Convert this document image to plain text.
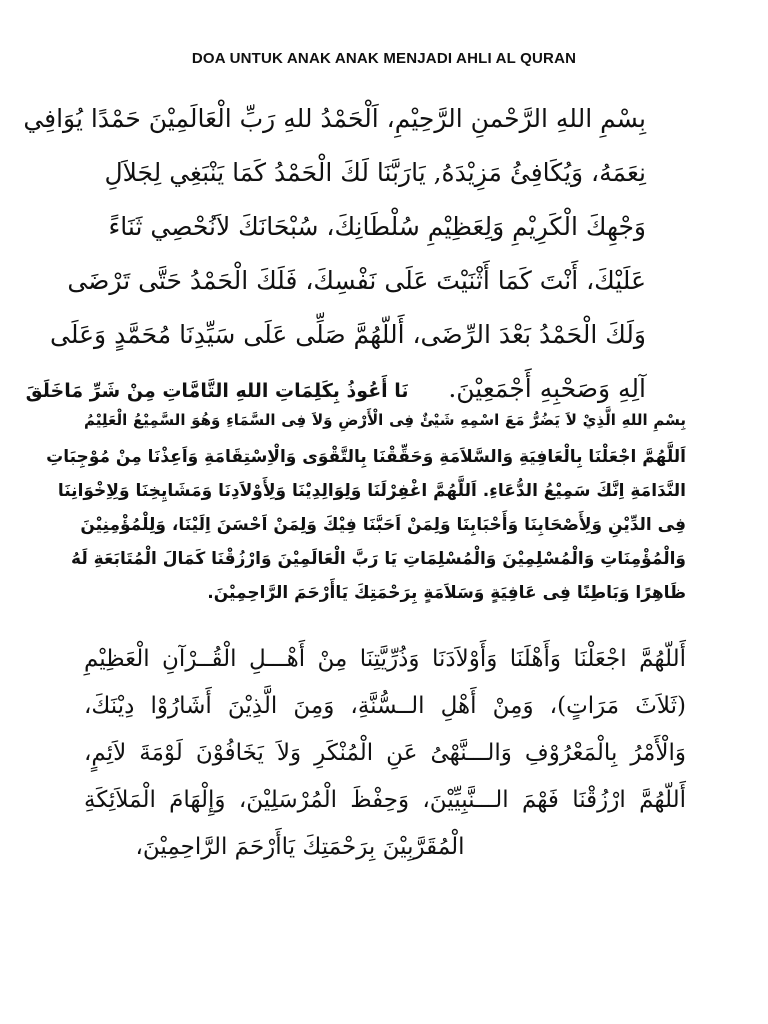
DOA UNTUK ANAK ANAK MENJADI AHLI AL QURAN

بِسْمِ اللهِ الرَّحْمنِ الرَّحِيْمِ، اَلْحَمْدُ للهِ رَبِّ الْعَالَمِيْنَ حَمْدًا يُوَافِي

نِعَمَهُ، وَيُكَافِئُ مَزِيْدَهُ, يَارَبَّنَا لَكَ الْحَمْدُ كَمَا يَنْبَغِي لِجَلاَلِ

وَجْهِكَ الْكَرِيْمِ وَلِعَظِيْمِ سُلْطَانِكَ، سُبْحَانَكَ لاَنُحْصِي ثَنَاءً

عَلَيْكَ، أَنْتَ كَمَا أَثْنَيْتَ عَلَى نَفْسِكَ، فَلَكَ الْحَمْدُ حَتَّى تَرْضَى

وَلَكَ الْحَمْدُ بَعْدَ الرِّضَى، أَللّهُمَّ صَلِّى عَلَى سَيِّدِنَا مُحَمَّدٍ وَعَلَى

آلِهِ وَصَحْبِهِ أَجْمَعِيْنَ.     نَا أَعُوذُ بِكَلِمَاتِ اللهِ التَّامَّاتِ مِنْ شَرِّ مَاخَلَقَ

بِسْمِ اللهِ الَّذِيْ لاَ يَضُرُّ مَعَ اسْمِهِ شَيْئٌ فِى الْأَرْضِ وَلاَ فِى السَّمَاءِ وَهُوَ السَّمِيْعُ الْعَلِيْمُ

اَللَّهُمَّ اجْعَلْنَا بِالْعَافِيَةِ وَالسَّلاَمَةِ وَحَقِّقْنَا بِالتَّقْوَى وَالْاِسْتِقَامَةِ وَاَعِذْنَا مِنْ مُوْجِبَاتِ

النَّدَامَةِ اِنَّكَ سَمِيْعُ الدُّعَاءِ. اَللَّهُمَّ اغْفِرْلَنَا وَلِوَالِدِيْنَا وَلِأَوْلاَدِنَا وَمَشَايِخِنَا وَلِاِخْوَانِنَا

فِى الدِّيْنِ وَلِأَصْحَابِنَا وَأَحْبَابِنَا وَلِمَنْ اَحَبَّنَا فِيْكَ وَلِمَنْ اَحْسَنَ اِلَيْنَا، وَلِلْمُؤْمِنِيْنَ

وَالْمُؤْمِنَاتِ وَالْمُسْلِمِيْنَ وَالْمُسْلِمَاتِ يَا رَبَّ الْعَالَمِيْنَ وَارْزُقْنَا كَمَالَ الْمُتَابَعَةِ لَهُ

ظَاهِرًا وَبَاطِنًا فِى عَافِيَةٍ وَسَلاَمَةٍ بِرَحْمَتِكَ يَاأَرْحَمَ الرَّاحِمِيْنَ.

أَللّهُمَّ اجْعَلْنَا وَأَهْلَنَا وَأَوْلاَدَنَا وَذُرِّيَّتِنَا مِنْ أَهْـــلِ الْقُــرْآنِ الْعَظِيْمِ

(ثَلاَثَ مَرَاتٍ)، وَمِنْ أَهْلِ الــسُّنَّةِ، وَمِنَ الَّذِيْنَ أَشَارُوْا دِيْنَكَ،

وَالْأَمْرُ بِالْمَعْرُوْفِ وَالـــنَّهْىُ عَنِ الْمُنْكَرِ وَلاَ يَخَافُوْنَ لَوْمَةَ لاَئِمٍ،

أَللّهُمَّ ارْزُقْنَا فَهْمَ الـــنَّبِيِّيْنَ، وَحِفْظَ الْمُرْسَلِيْنَ، وَإِلْهَامَ الْمَلاَئِكَةِ

الْمُقَرَّبِيْنَ بِرَحْمَتِكَ يَاأَرْحَمَ الرَّاحِمِيْنَ،
